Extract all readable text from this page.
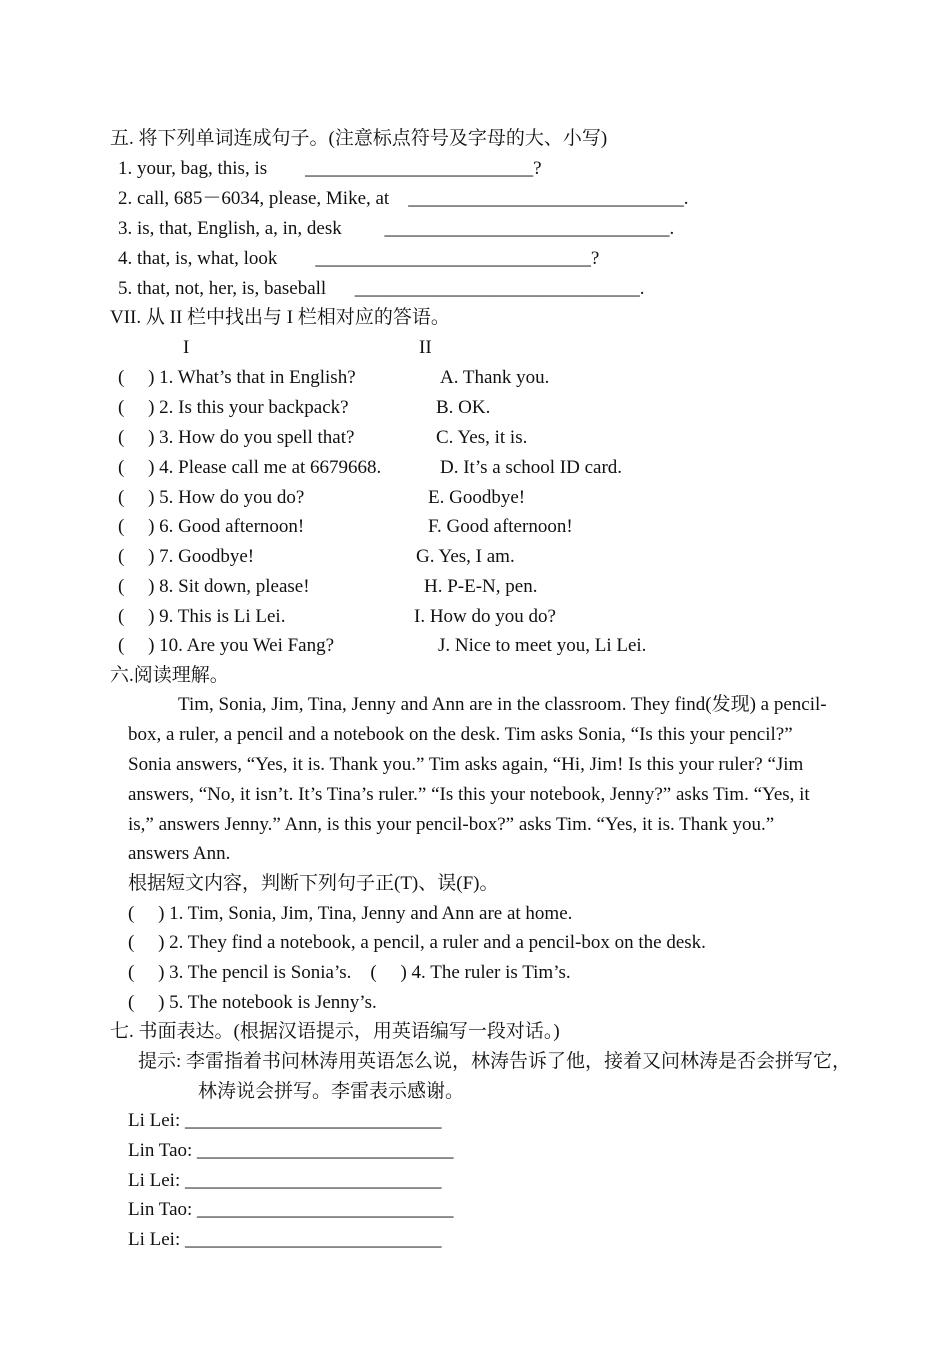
五. 将下列单词连成句子。(注意标点符号及字母的大、小写)
1. your, bag, this, is        ________________________?
2. call, 685－6034, please, Mike, at    _____________________________.
3. is, that, English, a, in, desk         ______________________________.
4. that, is, what, look        _____________________________?
5. that, not, her, is, baseball      ______________________________.
VII. 从 II 栏中找出与 I 栏相对应的答语。
I	II
(     ) 1. What’s that in English?	A. Thank you.
(     ) 2. Is this your backpack?	B. OK.
(     ) 3. How do you spell that?	C. Yes, it is.
(     ) 4. Please call me at 6679668.	D. It’s a school ID card.
(     ) 5. How do you do?	E. Goodbye!
(     ) 6. Good afternoon!	F. Good afternoon!
(     ) 7. Goodbye!	G. Yes, I am.
(     ) 8. Sit down, please!	H. P-E-N, pen.
(     ) 9. This is Li Lei.	I. How do you do?
(     ) 10. Are you Wei Fang?	J. Nice to meet you, Li Lei.
六.阅读理解。
Tim, Sonia, Jim, Tina, Jenny and Ann are in the classroom. They find(发现) a pencil-
box, a ruler, a pencil and a notebook on the desk. Tim asks Sonia, “Is this your pencil?”
Sonia answers, “Yes, it is. Thank you.” Tim asks again, “Hi, Jim! Is this your ruler? “Jim
answers, “No, it isn’t. It’s Tina’s ruler.” “Is this your notebook, Jenny?” asks Tim. “Yes, it
is,” answers Jenny.” Ann, is this your pencil-box?” asks Tim. “Yes, it is. Thank you.”
answers Ann.
根据短文内容，判断下列句子正(T)、误(F)。
(     ) 1. Tim, Sonia, Jim, Tina, Jenny and Ann are at home.
(     ) 2. They find a notebook, a pencil, a ruler and a pencil-box on the desk.
(     ) 3. The pencil is Sonia’s.    (     ) 4. The ruler is Tim’s.
(     ) 5. The notebook is Jenny’s.
七. 书面表达。(根据汉语提示，用英语编写一段对话。)
提示: 李雷指着书问林涛用英语怎么说，林涛告诉了他，接着又问林涛是否会拼写它，
林涛说会拼写。李雷表示感谢。
Li Lei: ___________________________
Lin Tao: ___________________________
Li Lei: ___________________________
Lin Tao: ___________________________
Li Lei: ___________________________
